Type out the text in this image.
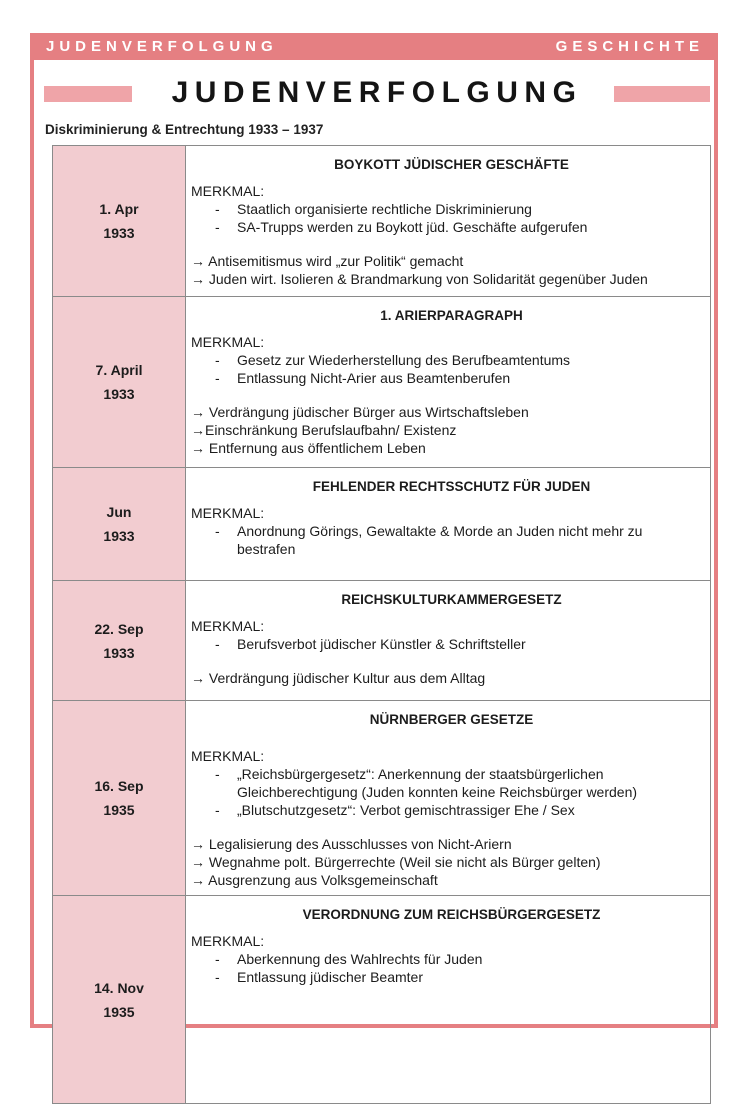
JUDENVERFOLGUNG	GESCHICHTE
JUDENVERFOLGUNG
Diskriminierung & Entrechtung 1933 – 1937
1. Apr
1933
BOYKOTT JÜDISCHER GESCHÄFTE
MERKMAL:
- Staatlich organisierte rechtliche Diskriminierung
- SA-Trupps werden zu Boykott jüd. Geschäfte aufgerufen
→ Antisemitismus wird „zur Politik“ gemacht
→ Juden wirt. Isolieren & Brandmarkung von Solidarität gegenüber Juden
7. April
1933
1. ARIERPARAGRAPH
MERKMAL:
- Gesetz zur Wiederherstellung des Berufbeamtentums
- Entlassung Nicht-Arier aus Beamtenberufen
→ Verdrängung jüdischer Bürger aus Wirtschaftsleben
→Einschränkung Berufslaufbahn/ Existenz
→ Entfernung aus öffentlichem Leben
Jun
1933
FEHLENDER RECHTSSCHUTZ FÜR JUDEN
MERKMAL:
- Anordnung Görings, Gewaltakte & Morde an Juden nicht mehr zu bestrafen
22. Sep
1933
REICHSKULTURKAMMERGESETZ
MERKMAL:
- Berufsverbot jüdischer Künstler & Schriftsteller
→ Verdrängung jüdischer Kultur aus dem Alltag
16. Sep
1935
NÜRNBERGER GESETZE
MERKMAL:
- „Reichsbürgergesetz“: Anerkennung der staatsbürgerlichen Gleichberechtigung (Juden konnten keine Reichsbürger werden)
- „Blutschutzgesetz“: Verbot gemischtrassiger Ehe / Sex
→ Legalisierung des Ausschlusses von Nicht-Ariern
→ Wegnahme polt. Bürgerrechte (Weil sie nicht als Bürger gelten)
→ Ausgrenzung aus Volksgemeinschaft
14. Nov
1935
VERORDNUNG ZUM REICHSBÜRGERGESETZ
MERKMAL:
- Aberkennung des Wahlrechts für Juden
- Entlassung jüdischer Beamter
